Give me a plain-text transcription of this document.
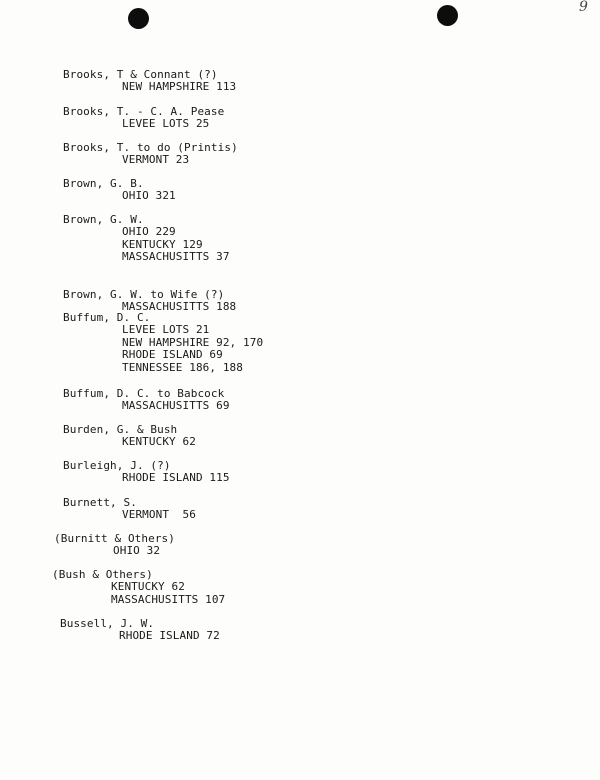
9
Brooks, T & Connant (?)
NEW HAMPSHIRE 113
Brooks, T. - C. A. Pease
LEVEE LOTS 25
Brooks, T. to do (Printis)
VERMONT 23
Brown, G. B.
OHIO 321
Brown, G. W.
OHIO 229
KENTUCKY 129
MASSACHUSITTS 37
Brown, G. W. to Wife (?)
MASSACHUSITTS 188
Buffum, D. C.
LEVEE LOTS 21
NEW HAMPSHIRE 92, 170
RHODE ISLAND 69
TENNESSEE 186, 188
Buffum, D. C. to Babcock
MASSACHUSITTS 69
Burden, G. & Bush
KENTUCKY 62
Burleigh, J. (?)
RHODE ISLAND 115
Burnett, S.
VERMONT  56
(Burnitt & Others)
OHIO 32
(Bush & Others)
KENTUCKY 62
MASSACHUSITTS 107
Bussell, J. W.
RHODE ISLAND 72
